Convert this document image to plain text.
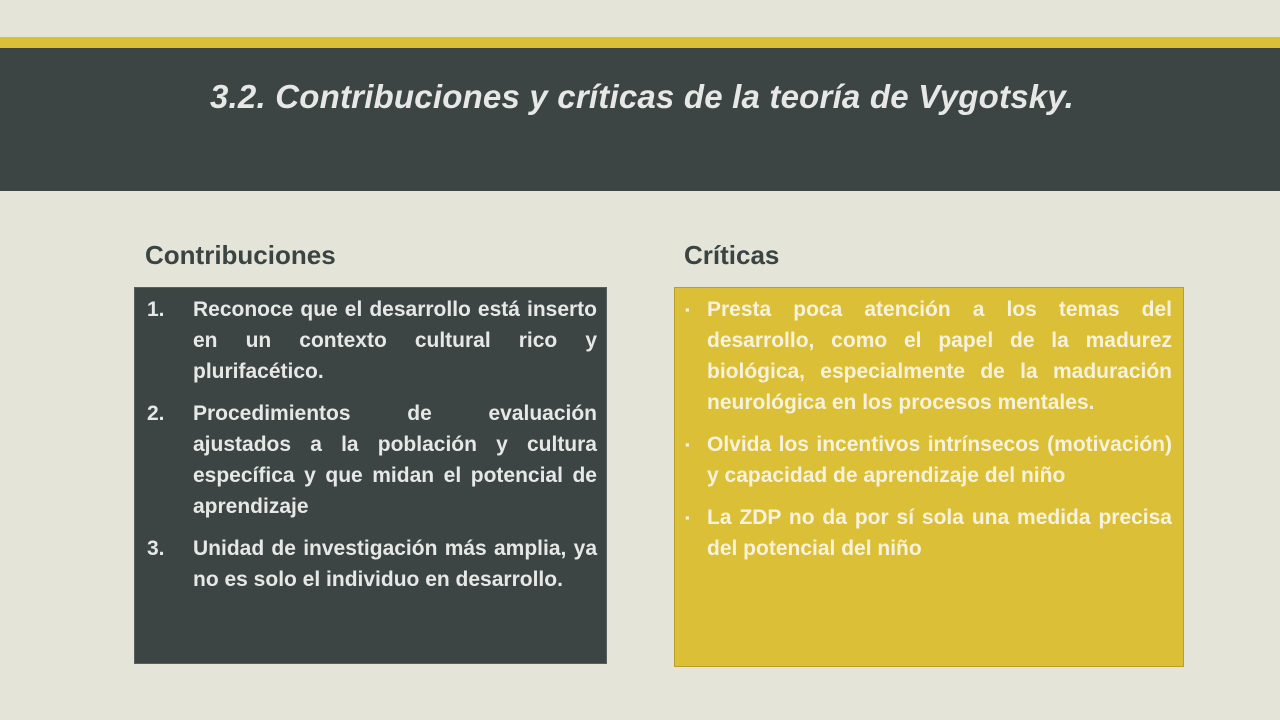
3.2. Contribuciones y críticas de la teoría de Vygotsky.
Contribuciones	Críticas
1.	Reconoce que el desarrollo está inserto en un contexto cultural rico y plurifacético.
2.	Procedimientos de evaluación ajustados a la población y cultura específica y que midan el potencial de aprendizaje
3.	Unidad de investigación más amplia, ya no es solo el individuo en desarrollo.
▪ Presta poca atención a los temas del desarrollo, como el papel de la madurez biológica, especialmente de la maduración neurológica en los procesos mentales.
▪ Olvida los incentivos intrínsecos (motivación) y capacidad de aprendizaje del niño
▪ La ZDP no da por sí sola una medida precisa del potencial del niño
